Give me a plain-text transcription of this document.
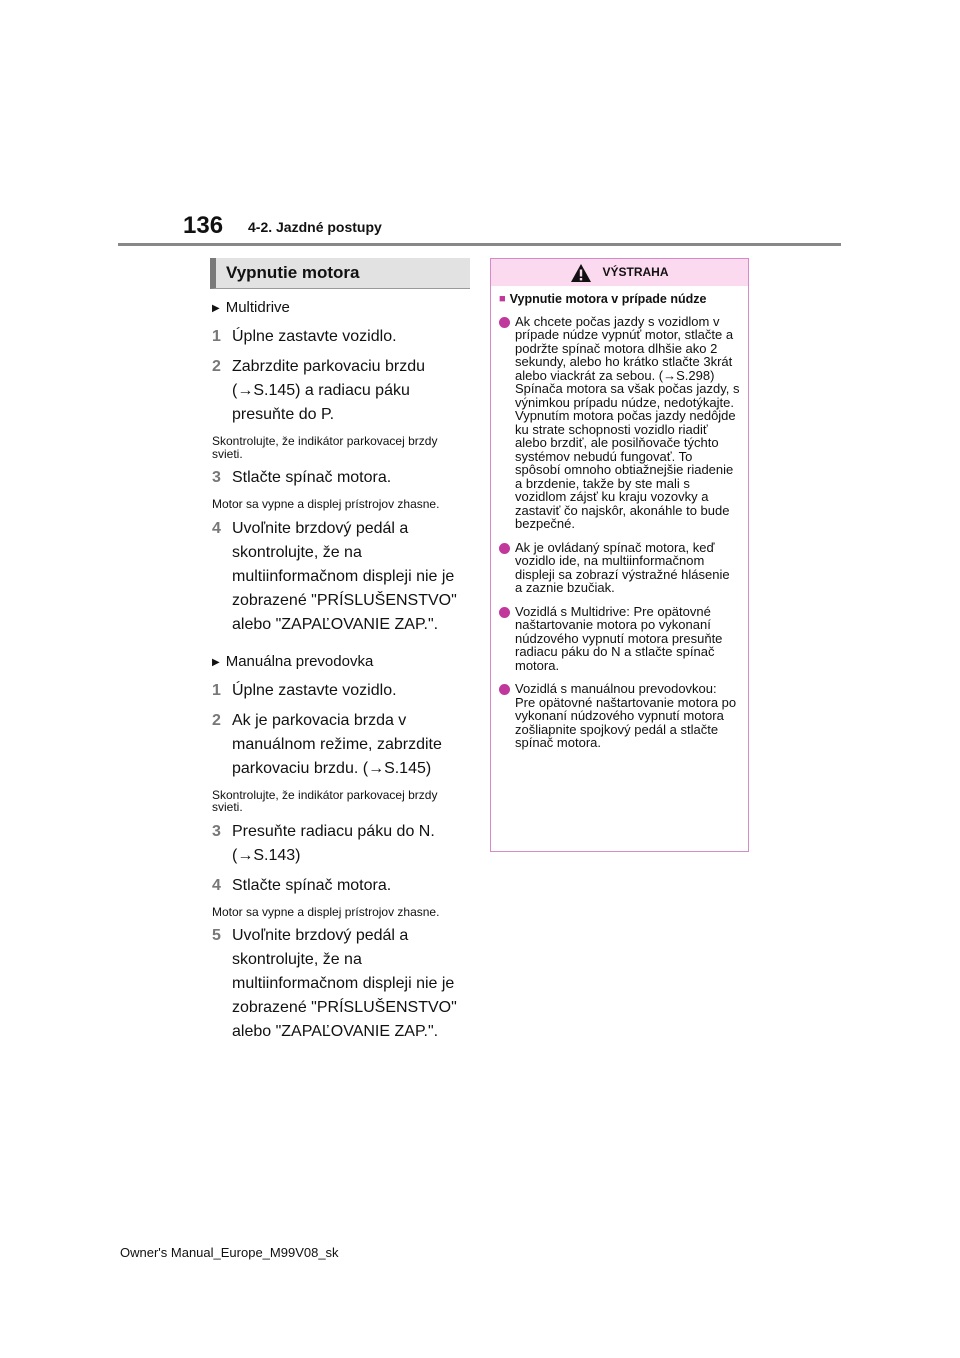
136 4-2. Jazdné postupy
Vypnutie motora
▶ Multidrive
1 Úplne zastavte vozidlo.
2 Zabrzdite parkovaciu brzdu (→S.145) a radiacu páku presuňte do P.
Skontrolujte, že indikátor parkovacej brzdy svieti.
3 Stlačte spínač motora.
Motor sa vypne a displej prístrojov zhasne.
4 Uvoľnite brzdový pedál a skontrolujte, že na multiinformačnom displeji nie je zobrazené "PRÍSLUŠENSTVO" alebo "ZAPAĽOVANIE ZAP.".
▶ Manuálna prevodovka
1 Úplne zastavte vozidlo.
2 Ak je parkovacia brzda v manuálnom režime, zabrzdite parkovaciu brzdu. (→S.145)
Skontrolujte, že indikátor parkovacej brzdy svieti.
3 Presuňte radiacu páku do N. (→S.143)
4 Stlačte spínač motora.
Motor sa vypne a displej prístrojov zhasne.
5 Uvoľnite brzdový pedál a skontrolujte, že na multiinformačnom displeji nie je zobrazené "PRÍSLUŠENSTVO" alebo "ZAPAĽOVANIE ZAP.".
VÝSTRAHA
■ Vypnutie motora v prípade núdze
Ak chcete počas jazdy s vozidlom v prípade núdze vypnúť motor, stlačte a podržte spínač motora dlhšie ako 2 sekundy, alebo ho krátko stlačte 3krát alebo viackrát za sebou. (→S.298) Spínača motora sa však počas jazdy, s výnimkou prípadu núdze, nedotýkajte. Vypnutím motora počas jazdy nedôjde ku strate schopnosti vozidlo riadiť alebo brzdiť, ale posilňovače týchto systémov nebudú fungovať. To spôsobí omnoho obtiažnejšie riadenie a brzdenie, takže by ste mali s vozidlom zájsť ku kraju vozovky a zastaviť čo najskôr, akonáhle to bude bezpečné.
Ak je ovládaný spínač motora, keď vozidlo ide, na multiinformačnom displeji sa zobrazí výstražné hlásenie a zaznie bzučiak.
Vozidlá s Multidrive: Pre opätovné naštartovanie motora po vykonaní núdzového vypnutí motora presuňte radiacu páku do N a stlačte spínač motora.
Vozidlá s manuálnou prevodovkou: Pre opätovné naštartovanie motora po vykonaní núdzového vypnutí motora zošliapnite spojkový pedál a stlačte spínač motora.
Owner's Manual_Europe_M99V08_sk
